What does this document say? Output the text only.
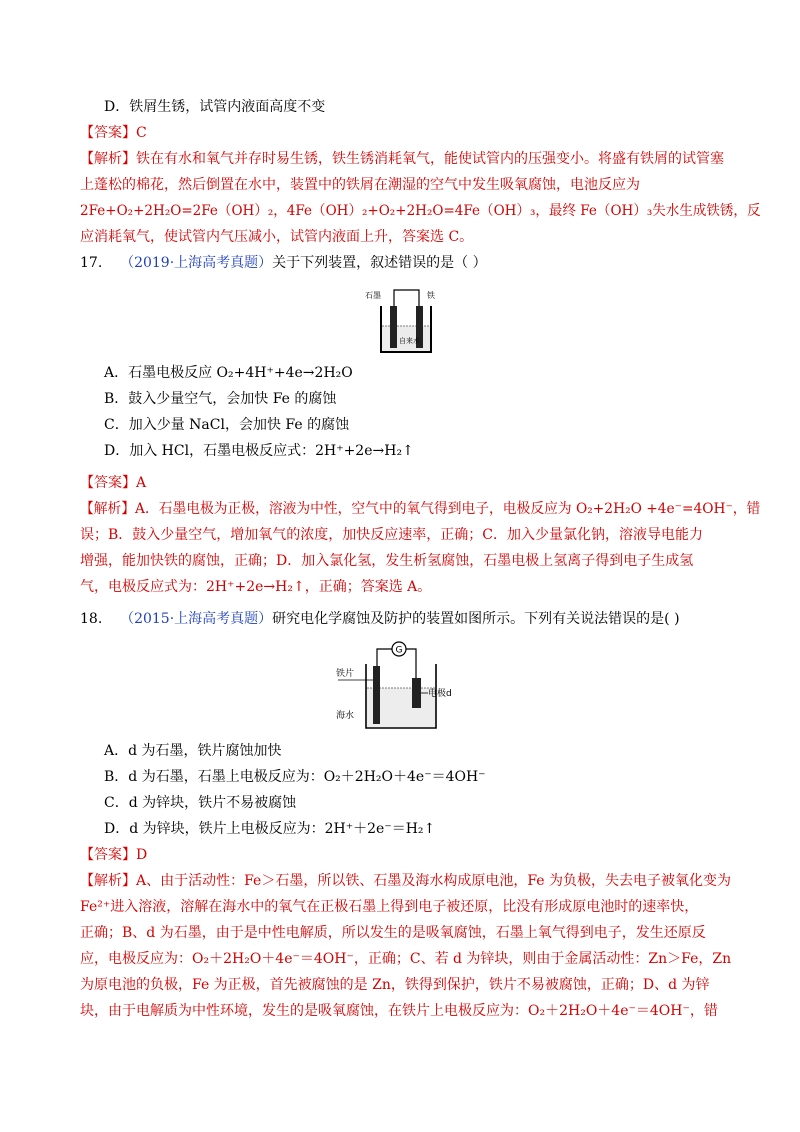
D．铁屑生锈，试管内液面高度不变
【答案】C
【解析】铁在有水和氧气并存时易生锈，铁生锈消耗氧气，能使试管内的压强变小。将盛有铁屑的试管塞
上蓬松的棉花，然后倒置在水中，装置中的铁屑在潮湿的空气中发生吸氧腐蚀，电池反应为
2Fe+O₂+2H₂O=2Fe（OH）₂，4Fe（OH）₂+O₂+2H₂O=4Fe（OH）₃，最终 Fe（OH）₃失水生成铁锈，反
应消耗氧气，使试管内气压减小，试管内液面上升，答案选 C。
17. （2019·上海高考真题）关于下列装置，叙述错误的是（ ）
石墨	铁
自来水
A．石墨电极反应 O₂+4H⁺+4e→2H₂O
B．鼓入少量空气，会加快 Fe 的腐蚀
C．加入少量 NaCl，会加快 Fe 的腐蚀
D．加入 HCl，石墨电极反应式：2H⁺+2e→H₂↑
【答案】A
【解析】A．石墨电极为正极，溶液为中性，空气中的氧气得到电子，电极反应为 O₂+2H₂O +4e⁻=4OH⁻，错
误；B．鼓入少量空气，增加氧气的浓度，加快反应速率，正确；C．加入少量氯化钠，溶液导电能力
增强，能加快铁的腐蚀，正确；D．加入氯化氢，发生析氢腐蚀，石墨电极上氢离子得到电子生成氢
气，电极反应式为：2H⁺+2e→H₂↑，正确；答案选 A。
18. （2015·上海高考真题）研究电化学腐蚀及防护的装置如图所示。下列有关说法错误的是( )
G
铁片
电极d
海水
A．d 为石墨，铁片腐蚀加快
B．d 为石墨，石墨上电极反应为：O₂＋2H₂O＋4e⁻＝4OH⁻
C．d 为锌块，铁片不易被腐蚀
D．d 为锌块，铁片上电极反应为：2H⁺＋2e⁻＝H₂↑
【答案】D
【解析】A、由于活动性：Fe＞石墨，所以铁、石墨及海水构成原电池，Fe 为负极，失去电子被氧化变为
Fe²⁺进入溶液，溶解在海水中的氧气在正极石墨上得到电子被还原，比没有形成原电池时的速率快，
正确；B、d 为石墨，由于是中性电解质，所以发生的是吸氧腐蚀，石墨上氧气得到电子，发生还原反
应，电极反应为：O₂＋2H₂O＋4e⁻＝4OH⁻，正确；C、若 d 为锌块，则由于金属活动性：Zn＞Fe，Zn
为原电池的负极，Fe 为正极，首先被腐蚀的是 Zn，铁得到保护，铁片不易被腐蚀，正确；D、d 为锌
块，由于电解质为中性环境，发生的是吸氧腐蚀，在铁片上电极反应为：O₂＋2H₂O＋4e⁻＝4OH⁻，错
